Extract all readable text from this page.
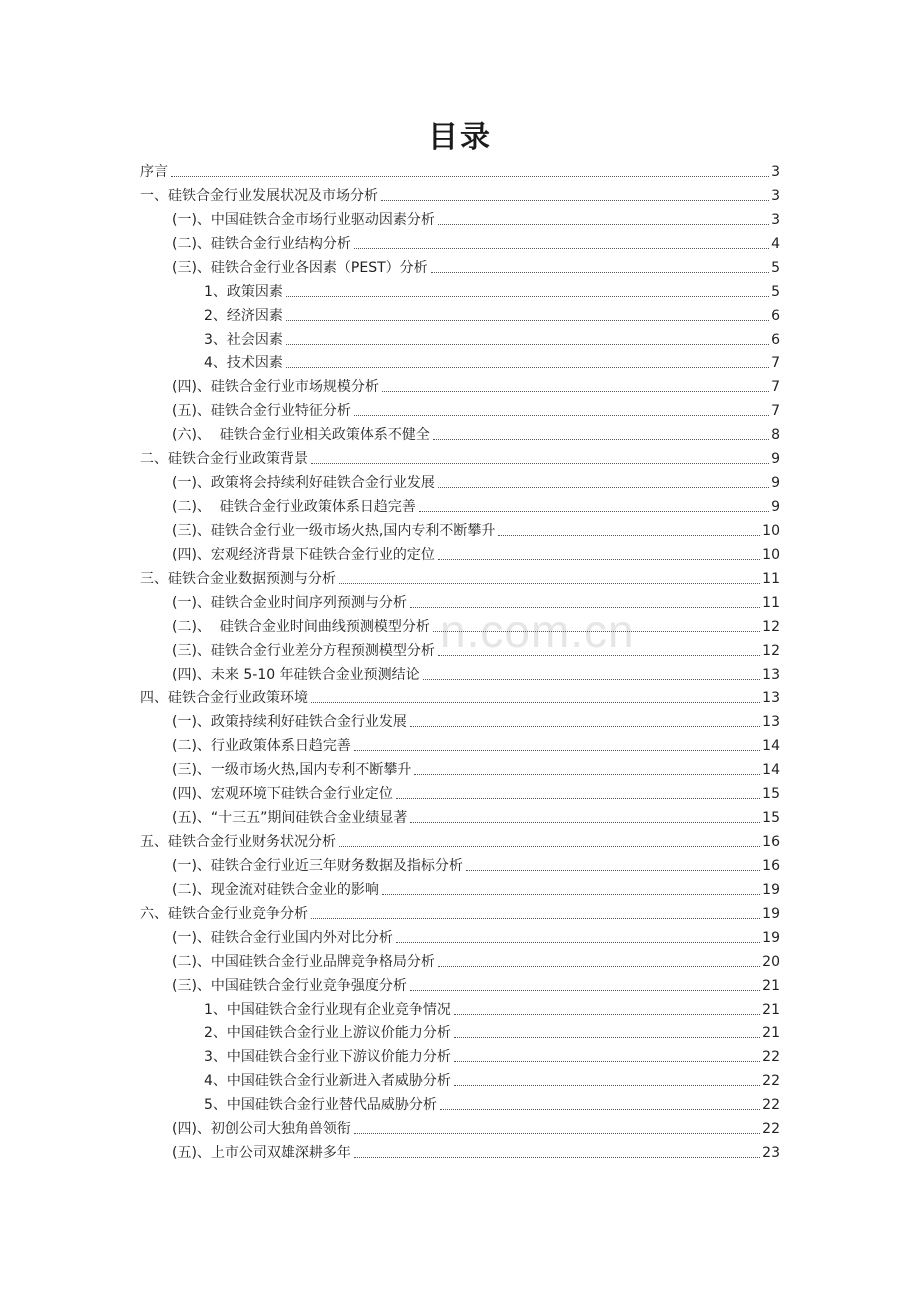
目录
n.com.cn
序言	3
一、硅铁合金行业发展状况及市场分析	3
(一)、中国硅铁合金市场行业驱动因素分析	3
(二)、硅铁合金行业结构分析	4
(三)、硅铁合金行业各因素（PEST）分析	5
1、政策因素	5
2、经济因素	6
3、社会因素	6
4、技术因素	7
(四)、硅铁合金行业市场规模分析	7
(五)、硅铁合金行业特征分析	7
(六)、  硅铁合金行业相关政策体系不健全	8
二、硅铁合金行业政策背景	9
(一)、政策将会持续利好硅铁合金行业发展	9
(二)、  硅铁合金行业政策体系日趋完善	9
(三)、硅铁合金行业一级市场火热,国内专利不断攀升	10
(四)、宏观经济背景下硅铁合金行业的定位	10
三、硅铁合金业数据预测与分析	11
(一)、硅铁合金业时间序列预测与分析	11
(二)、  硅铁合金业时间曲线预测模型分析	12
(三)、硅铁合金行业差分方程预测模型分析	12
(四)、未来 5-10 年硅铁合金业预测结论	13
四、硅铁合金行业政策环境	13
(一)、政策持续利好硅铁合金行业发展	13
(二)、行业政策体系日趋完善	14
(三)、一级市场火热,国内专利不断攀升	14
(四)、宏观环境下硅铁合金行业定位	15
(五)、“十三五”期间硅铁合金业绩显著	15
五、硅铁合金行业财务状况分析	16
(一)、硅铁合金行业近三年财务数据及指标分析	16
(二)、现金流对硅铁合金业的影响	19
六、硅铁合金行业竞争分析	19
(一)、硅铁合金行业国内外对比分析	19
(二)、中国硅铁合金行业品牌竞争格局分析	20
(三)、中国硅铁合金行业竞争强度分析	21
1、中国硅铁合金行业现有企业竞争情况	21
2、中国硅铁合金行业上游议价能力分析	21
3、中国硅铁合金行业下游议价能力分析	22
4、中国硅铁合金行业新进入者威胁分析	22
5、中国硅铁合金行业替代品威胁分析	22
(四)、初创公司大独角兽领衔	22
(五)、上市公司双雄深耕多年	23
